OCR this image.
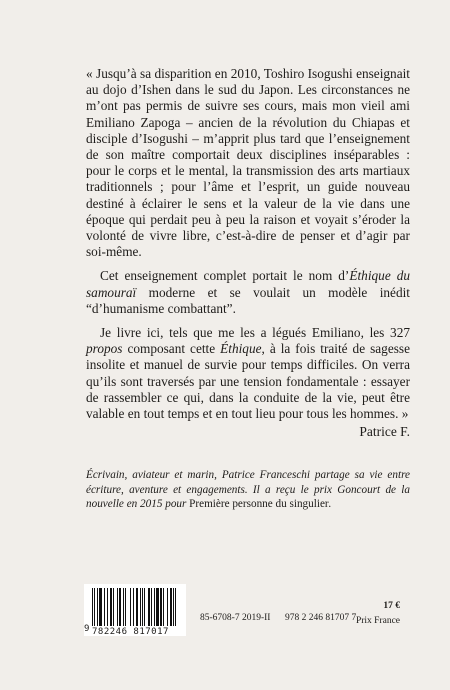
« Jusqu’à sa disparition en 2010, Toshiro Isogushi enseignait au dojo d’Ishen dans le sud du Japon. Les circonstances ne m’ont pas permis de suivre ses cours, mais mon vieil ami Emiliano Zapoga – ancien de la révolution du Chiapas et disciple d’Isogushi – m’apprit plus tard que l’enseignement de son maître comportait deux disciplines inséparables : pour le corps et le mental, la transmission des arts martiaux traditionnels ; pour l’âme et l’esprit, un guide nouveau destiné à éclairer le sens et la valeur de la vie dans une époque qui perdait peu à peu la raison et voyait s’éroder la volonté de vivre libre, c’est-à-dire de penser et d’agir par soi-même.

Cet enseignement complet portait le nom d’Éthique du samouraï moderne et se voulait un modèle inédit “d’humanisme combattant”.

Je livre ici, tels que me les a légués Emiliano, les 327 propos composant cette Éthique, à la fois traité de sagesse insolite et manuel de survie pour temps difficiles. On verra qu’ils sont traversés par une tension fondamentale : essayer de rassembler ce qui, dans la conduite de la vie, peut être valable en tout temps et en tout lieu pour tous les hommes. »

Patrice F.
Écrivain, aviateur et marin, Patrice Franceschi partage sa vie entre écriture, aventure et engagements. Il a reçu le prix Goncourt de la nouvelle en 2015 pour Première personne du singulier.
782246 817017
9
85-6708-7 2019-II 978 2 246 81707 7
17 €
Prix France
